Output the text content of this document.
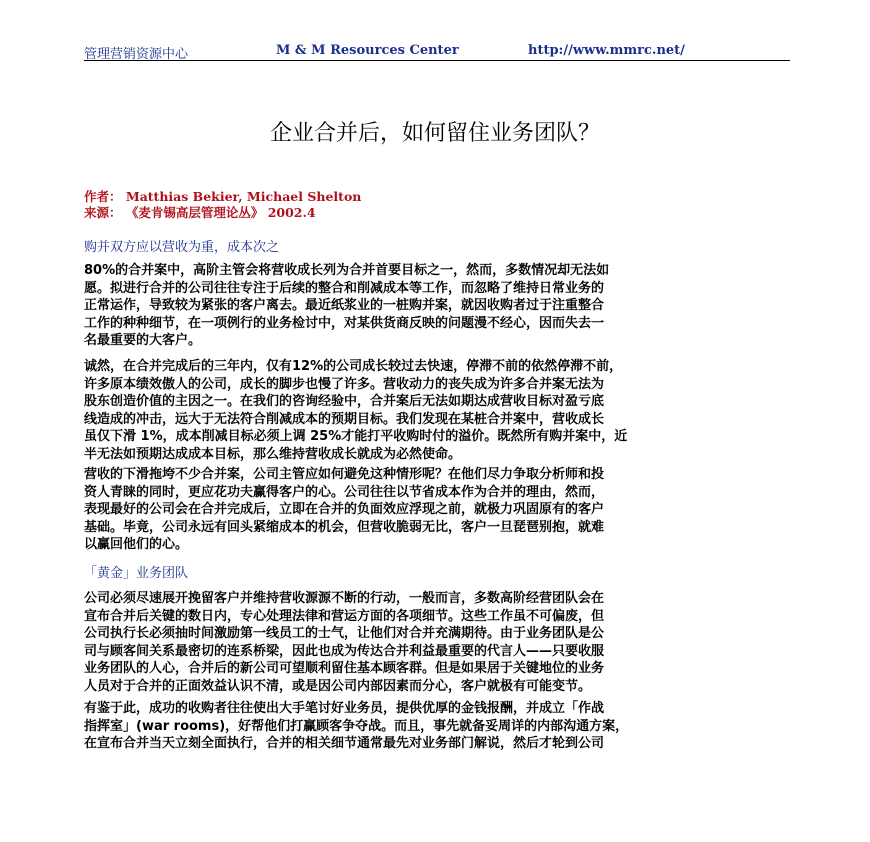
管理营销资源中心	M & M Resources Center	http://www.mmrc.net/
企业合并后，如何留住业务团队？
作者： Matthias Bekier, Michael Shelton
来源： 《麦肯锡高层管理论丛》 2002.4
购并双方应以营收为重，成本次之
80%的合并案中，高阶主管会将营收成长列为合并首要目标之一，然而，多数情况却无法如
愿。拟进行合并的公司往往专注于后续的整合和削减成本等工作，而忽略了维持日常业务的
正常运作，导致较为紧张的客户离去。最近纸浆业的一桩购并案，就因收购者过于注重整合
工作的种种细节，在一项例行的业务检讨中，对某供货商反映的问题漫不经心，因而失去一
名最重要的大客户。
诚然，在合并完成后的三年内，仅有12%的公司成长较过去快速，停滞不前的依然停滞不前，
许多原本绩效傲人的公司，成长的脚步也慢了许多。营收动力的丧失成为许多合并案无法为
股东创造价值的主因之一。在我们的咨询经验中，合并案后无法如期达成营收目标对盈亏底
线造成的冲击，远大于无法符合削减成本的预期目标。我们发现在某桩合并案中，营收成长
虽仅下滑 1%，成本削减目标必须上调 25%才能打平收购时付的溢价。既然所有购并案中，近
半无法如预期达成成本目标，那么维持营收成长就成为必然使命。
营收的下滑拖垮不少合并案，公司主管应如何避免这种情形呢？在他们尽力争取分析师和投
资人青睐的同时，更应花功夫赢得客户的心。公司往往以节省成本作为合并的理由，然而，
表现最好的公司会在合并完成后，立即在合并的负面效应浮现之前，就极力巩固原有的客户
基础。毕竟，公司永远有回头紧缩成本的机会，但营收脆弱无比，客户一旦琵琶别抱，就难
以赢回他们的心。
「黄金」业务团队
公司必须尽速展开挽留客户并维持营收源源不断的行动，一般而言，多数高阶经营团队会在
宣布合并后关键的数日内，专心处理法律和营运方面的各项细节。这些工作虽不可偏废，但
公司执行长必须抽时间激励第一线员工的士气，让他们对合并充满期待。由于业务团队是公
司与顾客间关系最密切的连系桥梁，因此也成为传达合并利益最重要的代言人——只要收服
业务团队的人心，合并后的新公司可望顺利留住基本顾客群。但是如果居于关键地位的业务
人员对于合并的正面效益认识不清，或是因公司内部因素而分心，客户就极有可能变节。
有鉴于此，成功的收购者往往使出大手笔讨好业务员，提供优厚的金钱报酬，并成立「作战
指挥室」(war rooms)，好帮他们打赢顾客争夺战。而且，事先就备妥周详的内部沟通方案，
在宣布合并当天立刻全面执行，合并的相关细节通常最先对业务部门解说，然后才轮到公司
